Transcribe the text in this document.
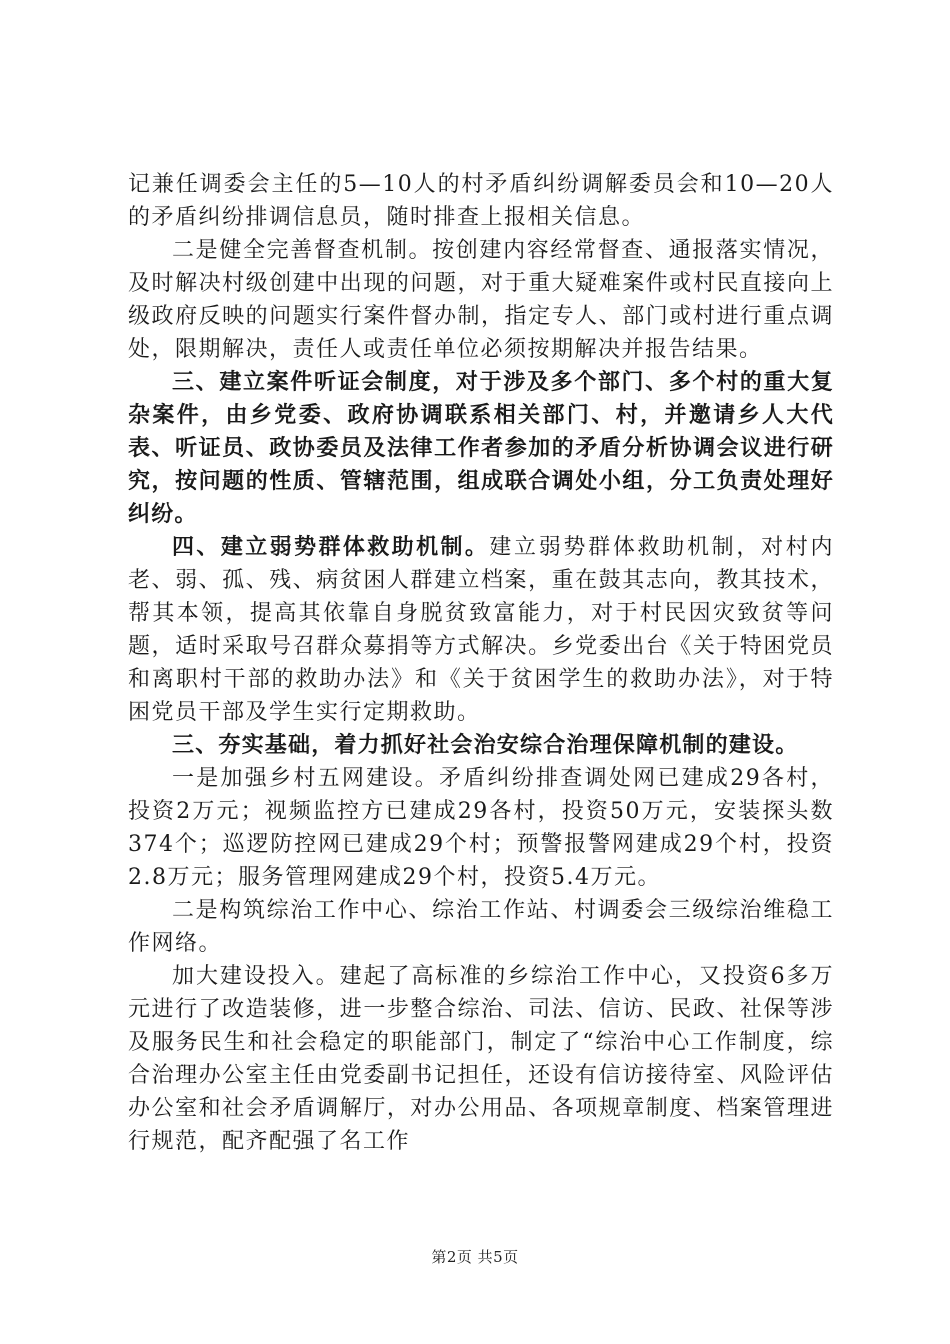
记兼任调委会主任的5—10人的村矛盾纠纷调解委员会和10—20人的矛盾纠纷排调信息员，随时排查上报相关信息。

二是健全完善督查机制。按创建内容经常督查、通报落实情况，及时解决村级创建中出现的问题，对于重大疑难案件或村民直接向上级政府反映的问题实行案件督办制，指定专人、部门或村进行重点调处，限期解决，责任人或责任单位必须按期解决并报告结果。

三、建立案件听证会制度，对于涉及多个部门、多个村的重大复杂案件，由乡党委、政府协调联系相关部门、村，并邀请乡人大代表、听证员、政协委员及法律工作者参加的矛盾分析协调会议进行研究，按问题的性质、管辖范围，组成联合调处小组，分工负责处理好纠纷。

四、建立弱势群体救助机制。建立弱势群体救助机制，对村内老、弱、孤、残、病贫困人群建立档案，重在鼓其志向，教其技术，帮其本领，提高其依靠自身脱贫致富能力，对于村民因灾致贫等问题，适时采取号召群众募捐等方式解决。乡党委出台《关于特困党员和离职村干部的救助办法》和《关于贫困学生的救助办法》，对于特困党员干部及学生实行定期救助。

三、夯实基础，着力抓好社会治安综合治理保障机制的建设。

一是加强乡村五网建设。矛盾纠纷排查调处网已建成29各村，投资2万元；视频监控方已建成29各村，投资50万元，安装探头数374个；巡逻防控网已建成29个村；预警报警网建成29个村，投资2.8万元；服务管理网建成29个村，投资5.4万元。

二是构筑综治工作中心、综治工作站、村调委会三级综治维稳工作网络。

加大建设投入。建起了高标准的乡综治工作中心，又投资6多万元进行了改造装修，进一步整合综治、司法、信访、民政、社保等涉及服务民生和社会稳定的职能部门，制定了“综治中心工作制度，综合治理办公室主任由党委副书记担任，还设有信访接待室、风险评估办公室和社会矛盾调解厅，对办公用品、各项规章制度、档案管理进行规范，配齐配强了名工作

第2页 共5页
